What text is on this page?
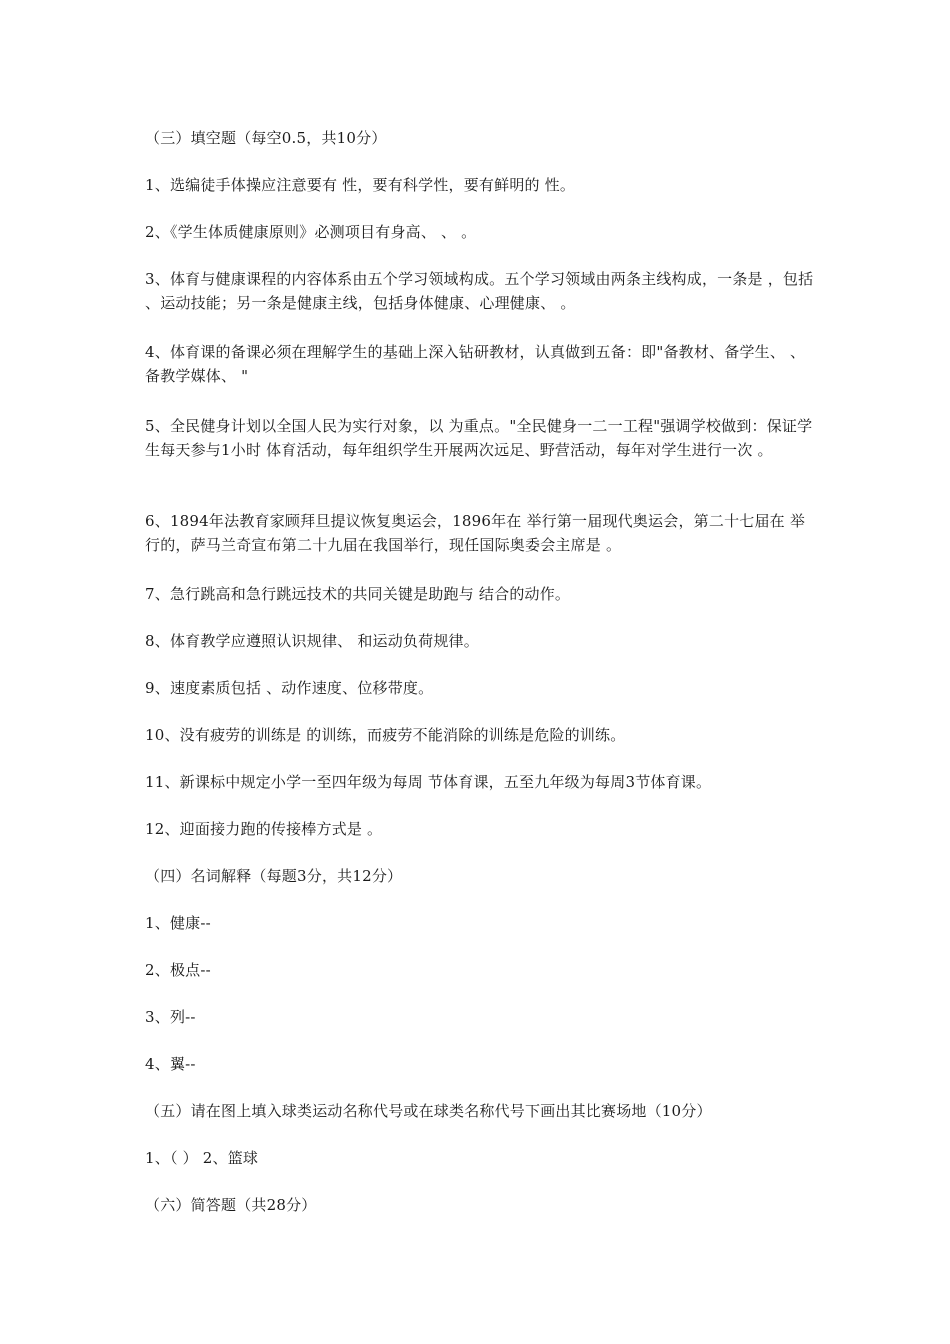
（三）填空题（每空0.5，共10分）
1、选编徒手体操应注意要有 性，要有科学性，要有鲜明的 性。
2、《学生体质健康原则》必测项目有身高、 、 。
3、体育与健康课程的内容体系由五个学习领域构成。五个学习领域由两条主线构成，一条是 ，包括 、运动技能；另一条是健康主线，包括身体健康、心理健康、 。
4、体育课的备课必须在理解学生的基础上深入钻研教材，认真做到五备：即"备教材、备学生、 、备教学媒体、 "
5、全民健身计划以全国人民为实行对象，以 为重点。"全民健身一二一工程"强调学校做到：保证学生每天参与1小时 体育活动，每年组织学生开展两次远足、野营活动，每年对学生进行一次 。
6、1894年法教育家顾拜旦提议恢复奥运会，1896年在 举行第一届现代奥运会，第二十七届在 举行的，萨马兰奇宣布第二十九届在我国举行，现任国际奥委会主席是 。
7、急行跳高和急行跳远技术的共同关键是助跑与 结合的动作。
8、体育教学应遵照认识规律、 和运动负荷规律。
9、速度素质包括 、动作速度、位移带度。
10、没有疲劳的训练是 的训练，而疲劳不能消除的训练是危险的训练。
11、新课标中规定小学一至四年级为每周 节体育课，五至九年级为每周3节体育课。
12、迎面接力跑的传接棒方式是 。
（四）名词解释（每题3分，共12分）
1、健康--
2、极点--
3、列--
4、翼--
（五）请在图上填入球类运动名称代号或在球类名称代号下画出其比赛场地（10分）
1、（ ） 2、篮球
（六）简答题（共28分）
